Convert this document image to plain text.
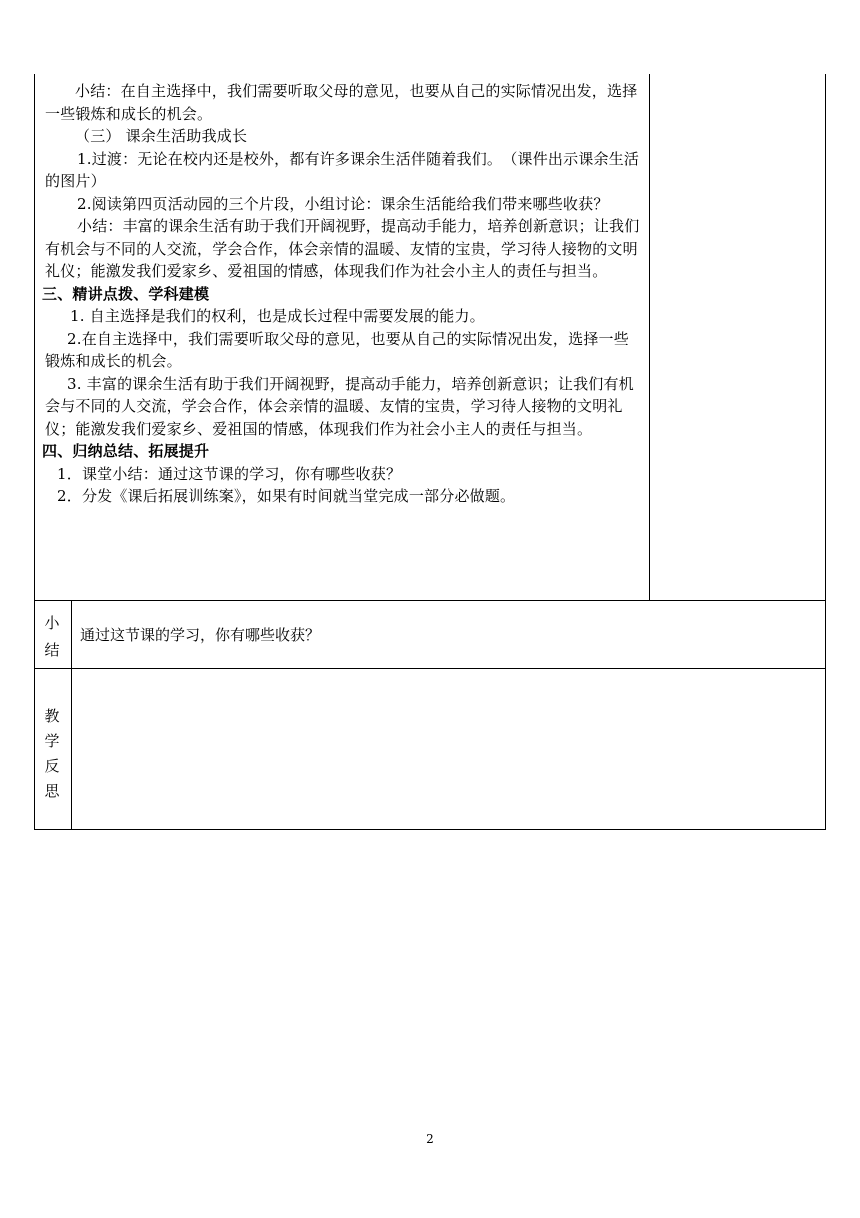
小结：在自主选择中，我们需要听取父母的意见，也要从自己的实际情况出发，选择一些锻炼和成长的机会。

（三） 课余生活助我成长

1.过渡：无论在校内还是校外，都有许多课余生活伴随着我们。　（课件出示课余生活的图片）

2.阅读第四页活动园的三个片段，小组讨论：课余生活能给我们带来哪些收获？

小结：丰富的课余生活有助于我们开阔视野，提高动手能力，培养创新意识；让我们有机会与不同的人交流，学会合作，体会亲情的温暖、友情的宝贵，学习待人接物的文明礼仪；能激发我们爱家乡、爱祖国的情感，体现我们作为社会小主人的责任与担当。

三、精讲点拨、学科建模

1. 自主选择是我们的权利，也是成长过程中需要发展的能力。

2.在自主选择中，我们需要听取父母的意见，也要从自己的实际情况出发，选择一些锻炼和成长的机会。

3. 丰富的课余生活有助于我们开阔视野，提高动手能力，培养创新意识；让我们有机会与不同的人交流，学会合作，体会亲情的温暖、友情的宝贵，学习待人接物的文明礼仪；能激发我们爱家乡、爱祖国的情感，体现我们作为社会小主人的责任与担当。

四、归纳总结、拓展提升

1．课堂小结：通过这节课的学习，你有哪些收获？

2．分发《课后拓展训练案》，如果有时间就当堂完成一部分必做题。

小
结
通过这节课的学习，你有哪些收获？
教
学
反
思
2
